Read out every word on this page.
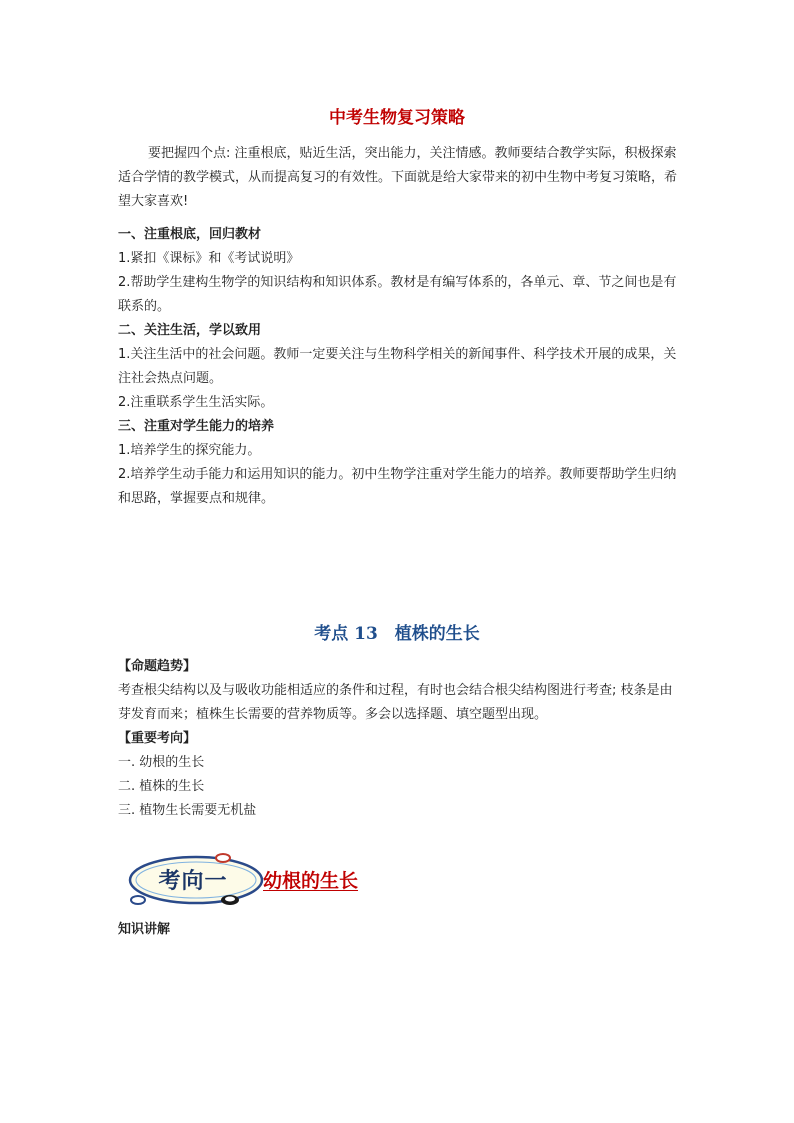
中考生物复习策略
要把握四个点: 注重根底，贴近生活，突出能力，关注情感。教师要结合教学实际，积极探索适合学情的教学模式，从而提高复习的有效性。下面就是给大家带来的初中生物中考复习策略，希望大家喜欢!

一、注重根底，回归教材

1.紧扣《课标》和《考试说明》

2.帮助学生建构生物学的知识结构和知识体系。教材是有编写体系的，各单元、章、节之间也是有联系的。

二、关注生活，学以致用

1.关注生活中的社会问题。教师一定要关注与生物科学相关的新闻事件、科学技术开展的成果，关注社会热点问题。

2.注重联系学生生活实际。

三、注重对学生能力的培养

1.培养学生的探究能力。

2.培养学生动手能力和运用知识的能力。初中生物学注重对学生能力的培养。教师要帮助学生归纳和思路，掌握要点和规律。

考点 13　植株的生长

【命题趋势】

考查根尖结构以及与吸收功能相适应的条件和过程，有时也会结合根尖结构图进行考查; 枝条是由芽发育而来；植株生长需要的营养物质等。多会以选择题、填空题型出现。

【重要考向】

一. 幼根的生长

二. 植株的生长

三. 植物生长需要无机盐

考向一	幼根的生长
知识讲解
